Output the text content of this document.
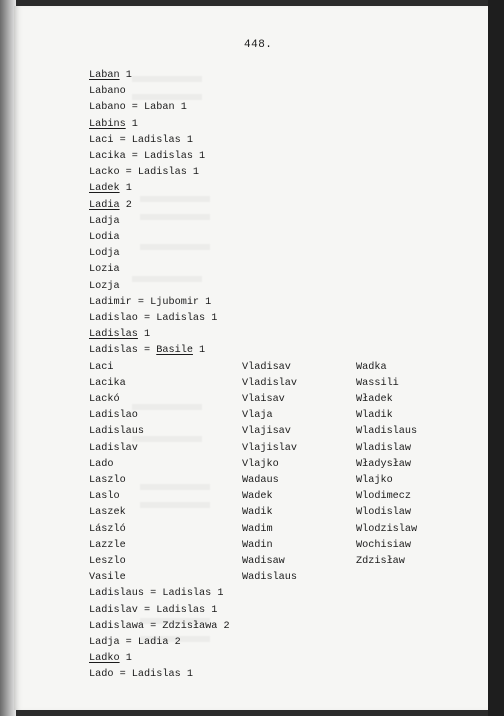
448.
Laban 1
Labano
Labano = Laban 1
Labins 1
Laci = Ladislas 1
Lacika = Ladislas 1
Lacko = Ladislas 1
Ladek 1
Ladia 2
Ladja
Lodia
Lodja
Lozia
Lozja
Ladimir = Ljubomir 1
Ladislao = Ladislas 1
Ladislas 1
Ladislas = Basile 1
Laci
Lacika
Lackó
Ladislao
Ladislaus
Ladislav
Lado
Laszlo
Laslo
Laszek
László
Lazzle
Leszlo
Vasile
Vladisav
Vladislav
Vlaisav
Vlaja
Vlajisav
Vlajislav
Vlajko
Wadaus
Wadek
Wadik
Wadim
Wadin
Wadisaw
Wadislaus
Wadka
Wassili
Władek
Wladik
Wladislaus
Wladislaw
Władysław
Wlajko
Wlodimecz
Wlodislaw
Wlodzislaw
Wochisiaw
Zdzisław
Ladislaus = Ladislas 1
Ladislav = Ladislas 1
Ladislawa = Zdzisława 2
Ladja = Ladia 2
Ladko 1
Lado = Ladislas 1
